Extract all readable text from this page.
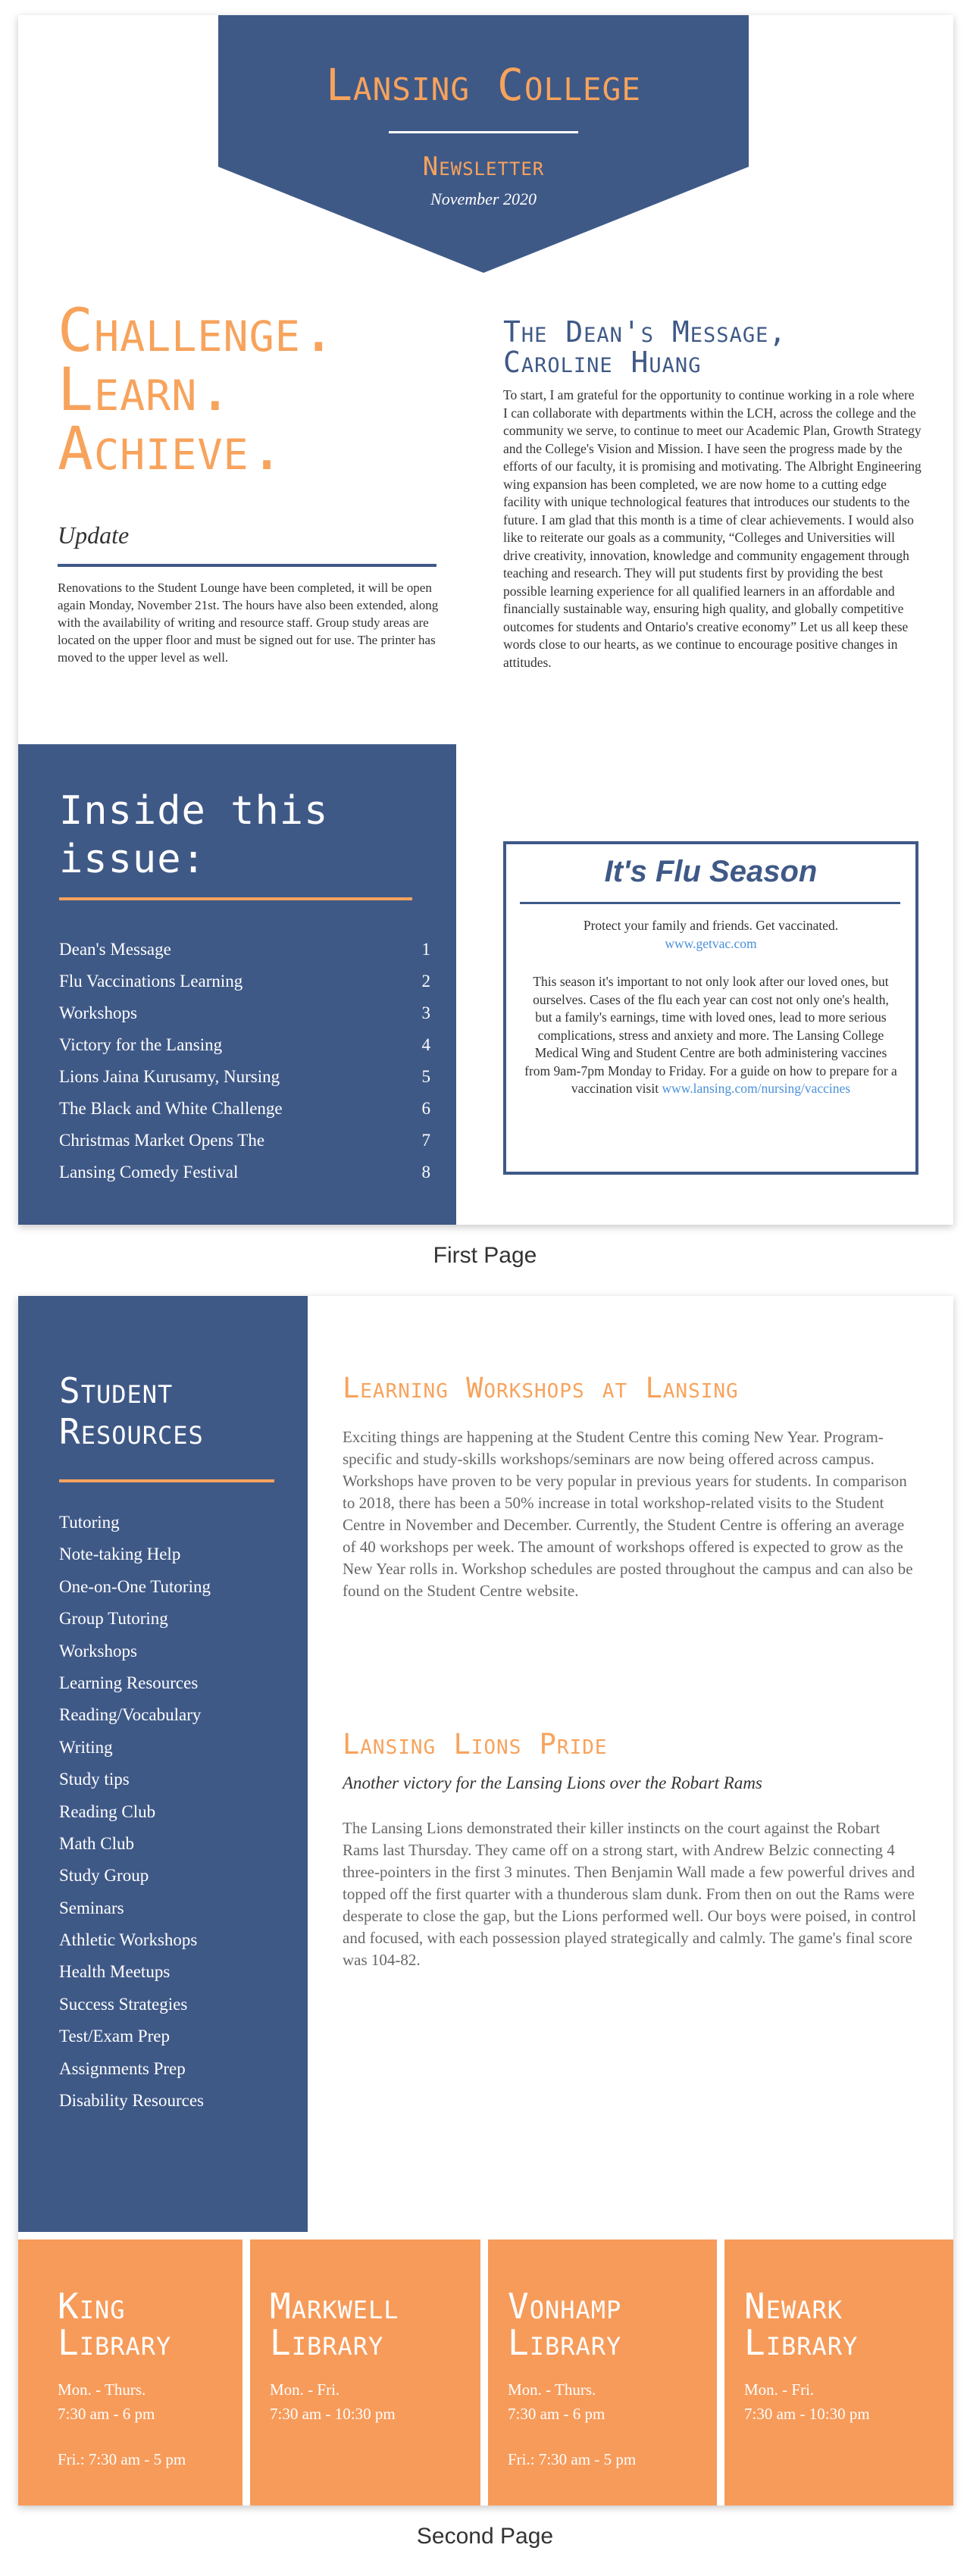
Lansing College
Newsletter
November 2020
Challenge.
Learn.
Achieve.
Update
Renovations to the Student Lounge have been completed, it will be open again Monday, November 21st. The hours have also been extended, along with the availability of writing and resource staff. Group study areas are located on the upper floor and must be signed out for use. The printer has moved to the upper level as well.
Inside this issue:
Dean's Message	1
Flu Vaccinations Learning	2
Workshops	3
Victory for the Lansing	4
Lions Jaina Kurusamy, Nursing	5
The Black and White Challenge	6
Christmas Market Opens The	7
Lansing Comedy Festival	8
The Dean's Message,
Caroline Huang
To start, I am grateful for the opportunity to continue working in a role where I can collaborate with departments within the LCH, across the college and the community we serve, to continue to meet our Academic Plan, Growth Strategy and the College's Vision and Mission. I have seen the progress made by the efforts of our faculty, it is promising and motivating. The Albright Engineering wing expansion has been completed, we are now home to a cutting edge facility with unique technological features that introduces our students to the future. I am glad that this month is a time of clear achievements. I would also like to reiterate our goals as a community, “Colleges and Universities will drive creativity, innovation, knowledge and community engagement through teaching and research. They will put students first by providing the best possible learning experience for all qualified learners in an affordable and financially sustainable way, ensuring high quality, and globally competitive outcomes for students and Ontario's creative economy” Let us all keep these words close to our hearts, as we continue to encourage positive changes in attitudes.
It's Flu Season
Protect your family and friends. Get vaccinated.
www.getvac.com
This season it's important to not only look after our loved ones, but ourselves. Cases of the flu each year can cost not only one's health, but a family's earnings, time with loved ones, lead to more serious complications, stress and anxiety and more. The Lansing College Medical Wing and Student Centre are both administering vaccines from 9am-7pm Monday to Friday. For a guide on how to prepare for a vaccination visit www.lansing.com/nursing/vaccines
First Page
Student
Resources
Tutoring
Note-taking Help
One-on-One Tutoring
Group Tutoring
Workshops
Learning Resources
Reading/Vocabulary
Writing
Study tips
Reading Club
Math Club
Study Group
Seminars
Athletic Workshops
Health Meetups
Success Strategies
Test/Exam Prep
Assignments Prep
Disability Resources
Learning Workshops at Lansing
Exciting things are happening at the Student Centre this coming New Year. Program-specific and study-skills workshops/seminars are now being offered across campus. Workshops have proven to be very popular in previous years for students. In comparison to 2018, there has been a 50% increase in total workshop-related visits to the Student Centre in November and December. Currently, the Student Centre is offering an average of 40 workshops per week. The amount of workshops offered is expected to grow as the New Year rolls in. Workshop schedules are posted throughout the campus and can also be found on the Student Centre website.
Lansing Lions Pride
Another victory for the Lansing Lions over the Robart Rams
The Lansing Lions demonstrated their killer instincts on the court against the Robart Rams last Thursday. They came off on a strong start, with Andrew Belzic connecting 4 three-pointers in the first 3 minutes. Then Benjamin Wall made a few powerful drives and topped off the first quarter with a thunderous slam dunk. From then on out the Rams were desperate to close the gap, but the Lions performed well. Our boys were poised, in control and focused, with each possession played strategically and calmly. The game's final score was 104-82.
King
Library
Mon. - Thurs.
7:30 am - 6 pm
Fri.: 7:30 am - 5 pm
Markwell
Library
Mon. - Fri.
7:30 am - 10:30 pm
Vonhamp
Library
Mon. - Thurs.
7:30 am - 6 pm
Fri.: 7:30 am - 5 pm
Newark
Library
Mon. - Fri.
7:30 am - 10:30 pm
Second Page
